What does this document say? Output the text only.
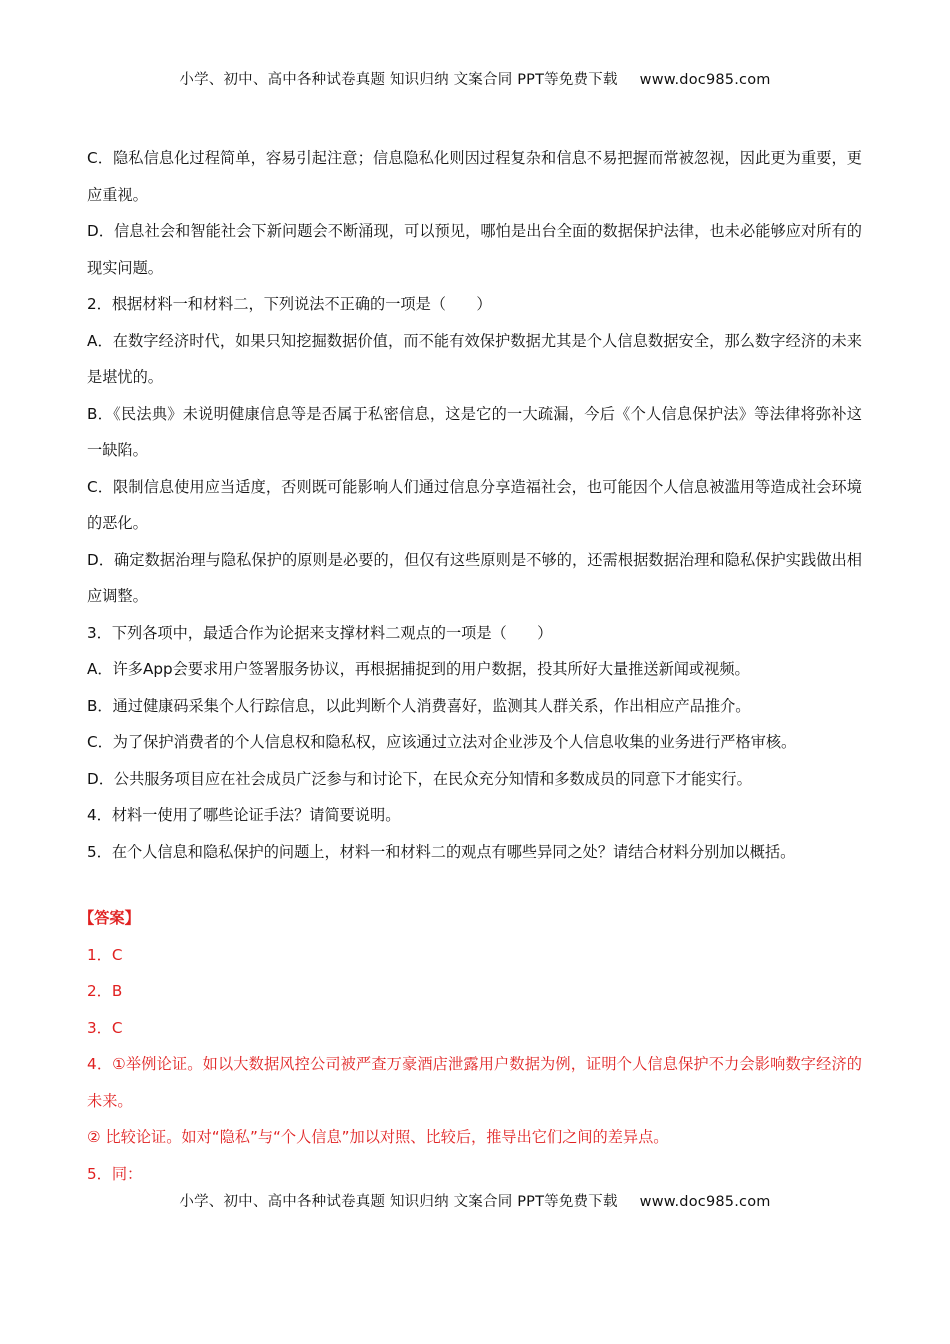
小学、初中、高中各种试卷真题 知识归纳 文案合同 PPT等免费下载 www.doc985.com

C．隐私信息化过程简单，容易引起注意；信息隐私化则因过程复杂和信息不易把握而常被忽视，因此更为重要，更应重视。

D．信息社会和智能社会下新问题会不断涌现，可以预见，哪怕是出台全面的数据保护法律，也未必能够应对所有的现实问题。

2．根据材料一和材料二，下列说法不正确的一项是（　　）

A．在数字经济时代，如果只知挖掘数据价值，而不能有效保护数据尤其是个人信息数据安全，那么数字经济的未来是堪忧的。

B．《民法典》未说明健康信息等是否属于私密信息，这是它的一大疏漏，今后《个人信息保护法》等法律将弥补这一缺陷。

C．限制信息使用应当适度，否则既可能影响人们通过信息分享造福社会，也可能因个人信息被滥用等造成社会环境的恶化。

D．确定数据治理与隐私保护的原则是必要的，但仅有这些原则是不够的，还需根据数据治理和隐私保护实践做出相应调整。

3．下列各项中，最适合作为论据来支撑材料二观点的一项是（　　）

A．许多App会要求用户签署服务协议，再根据捕捉到的用户数据，投其所好大量推送新闻或视频。

B．通过健康码采集个人行踪信息，以此判断个人消费喜好，监测其人群关系，作出相应产品推介。

C．为了保护消费者的个人信息权和隐私权，应该通过立法对企业涉及个人信息收集的业务进行严格审核。

D．公共服务项目应在社会成员广泛参与和讨论下，在民众充分知情和多数成员的同意下才能实行。

4．材料一使用了哪些论证手法？请简要说明。

5．在个人信息和隐私保护的问题上，材料一和材料二的观点有哪些异同之处？请结合材料分别加以概括。

【答案】

1．C

2．B

3．C

4．①举例论证。如以大数据风控公司被严查万豪酒店泄露用户数据为例，证明个人信息保护不力会影响数字经济的未来。

② 比较论证。如对“隐私”与“个人信息”加以对照、比较后，推导出它们之间的差异点。

5．同：

小学、初中、高中各种试卷真题 知识归纳 文案合同 PPT等免费下载 www.doc985.com
